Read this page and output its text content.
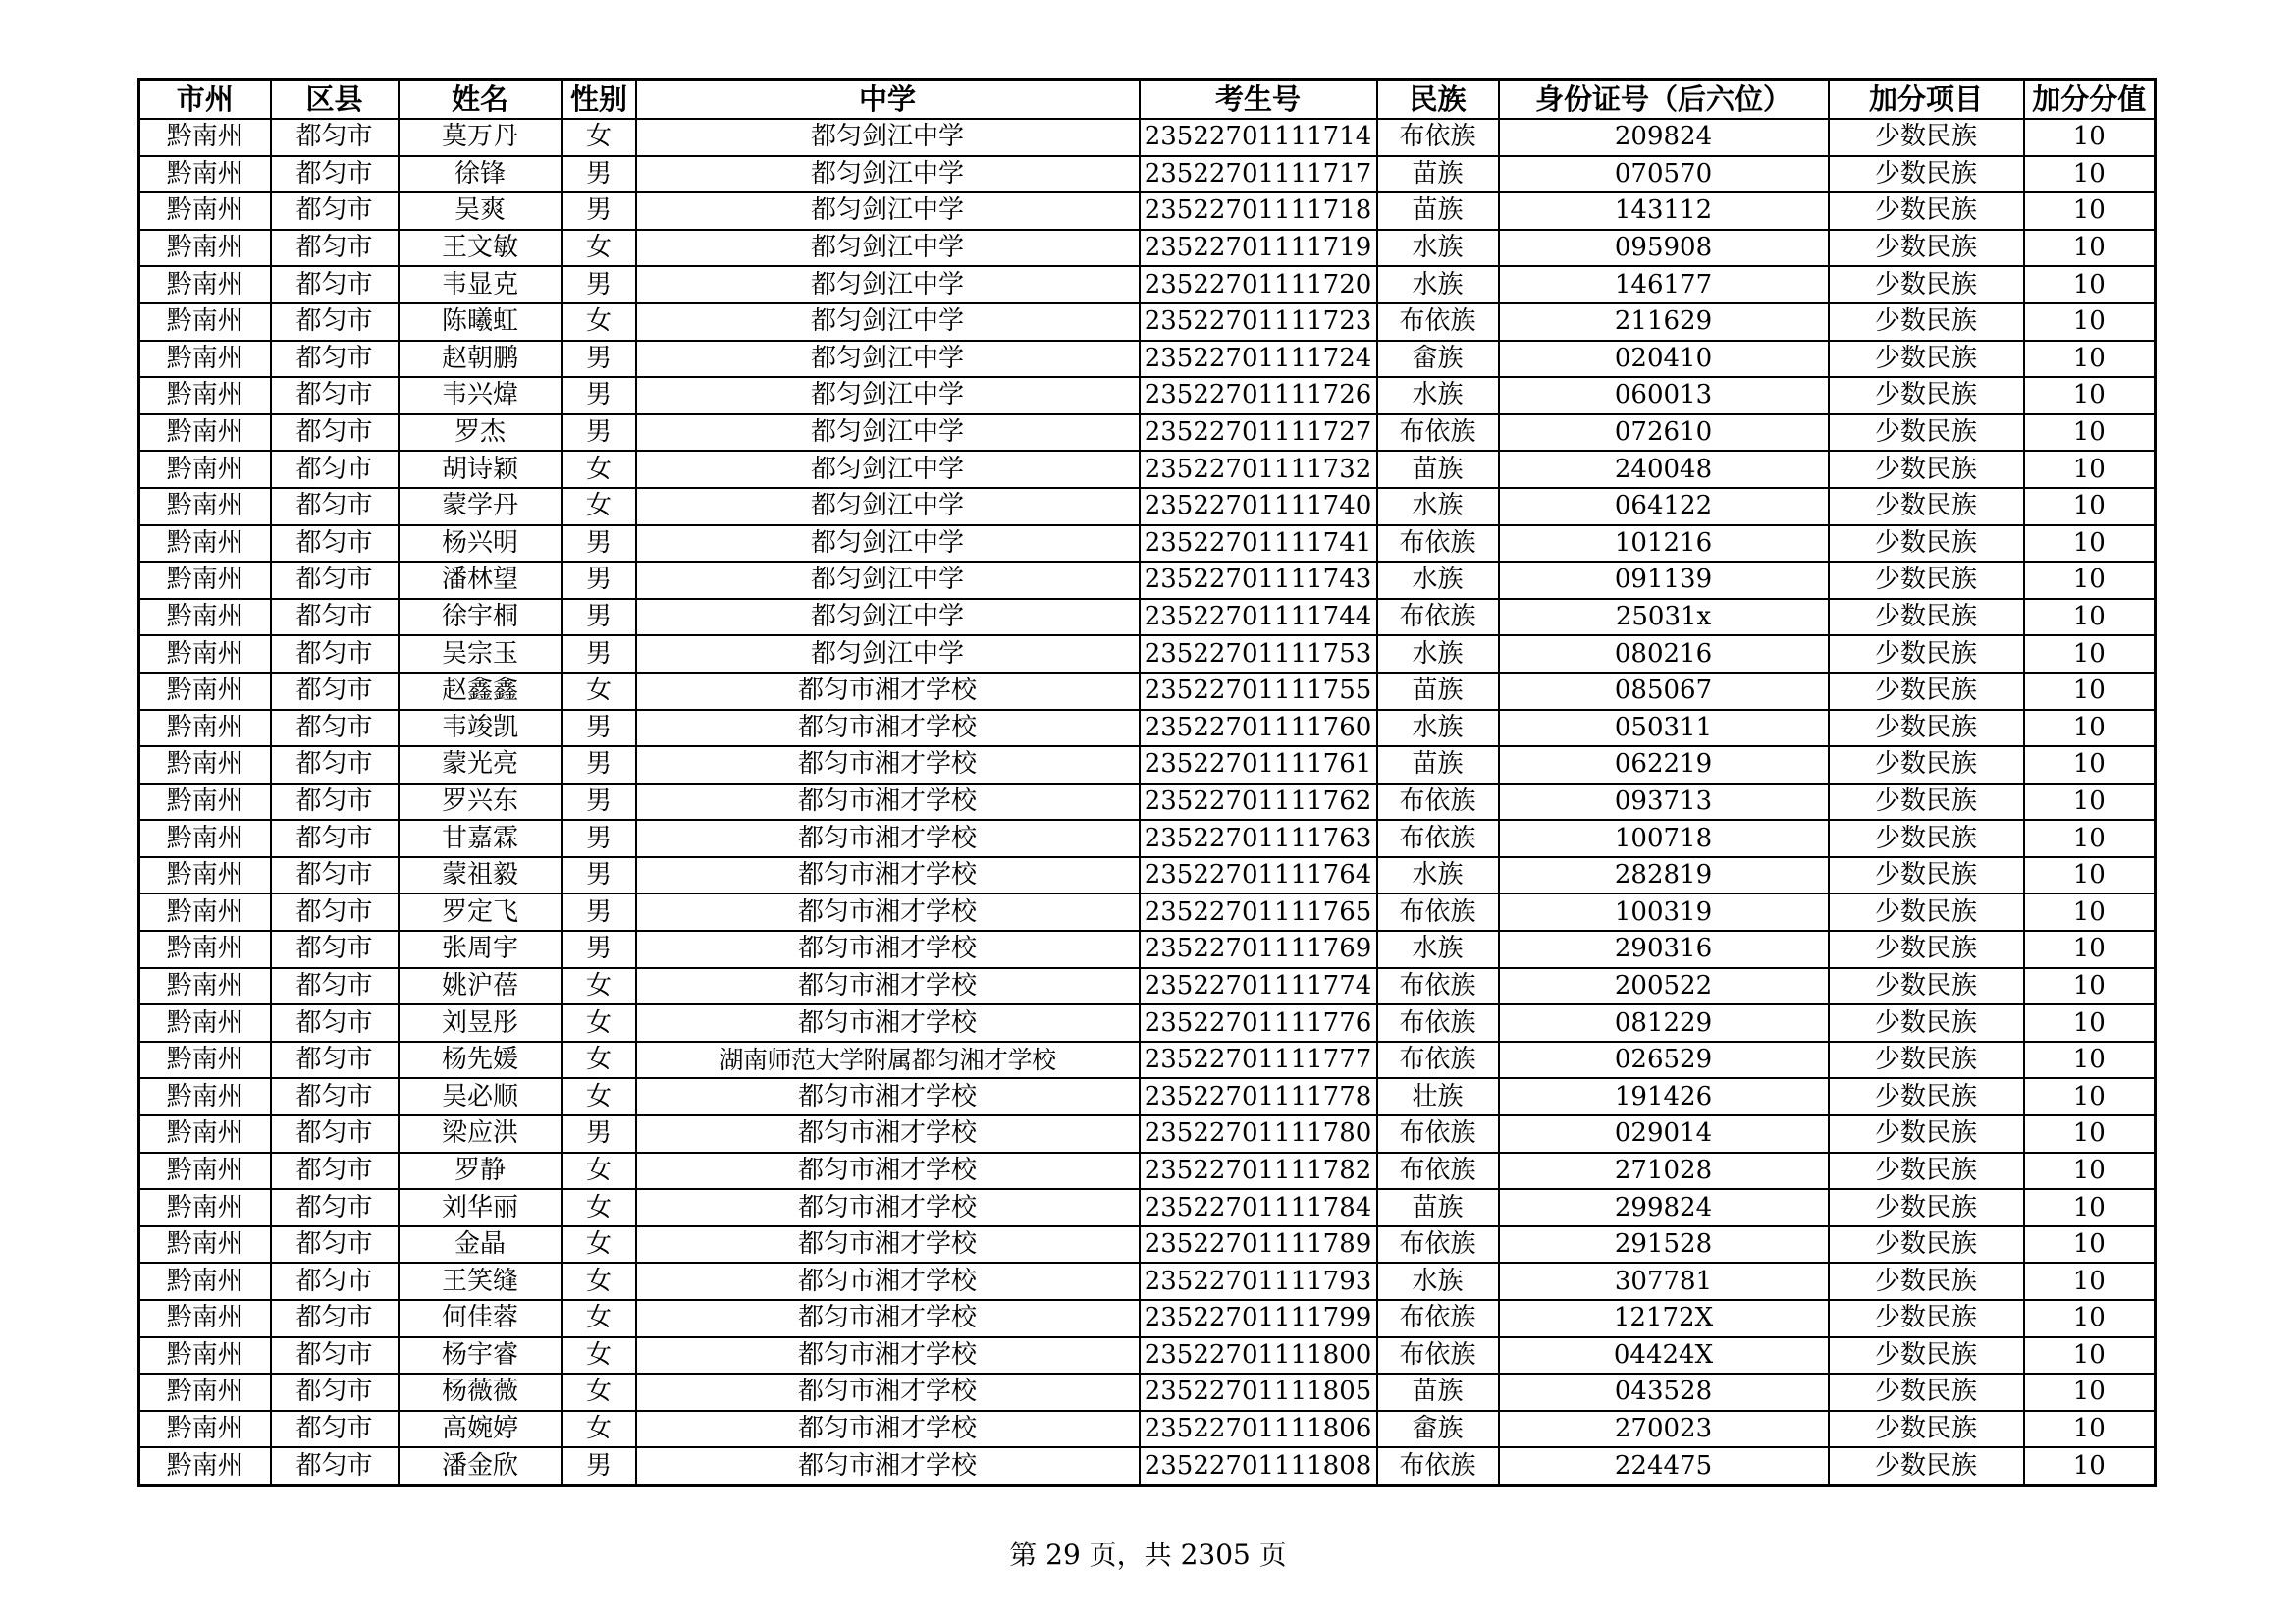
市州	区县	姓名	性别	中学	考生号	民族	身份证号（后六位）	加分项目	加分分值
黔南州	都匀市	莫万丹	女	都匀剑江中学	23522701111714	布依族	209824	少数民族	10
黔南州	都匀市	徐锋	男	都匀剑江中学	23522701111717	苗族	070570	少数民族	10
黔南州	都匀市	吴爽	男	都匀剑江中学	23522701111718	苗族	143112	少数民族	10
黔南州	都匀市	王文敏	女	都匀剑江中学	23522701111719	水族	095908	少数民族	10
黔南州	都匀市	韦显克	男	都匀剑江中学	23522701111720	水族	146177	少数民族	10
黔南州	都匀市	陈曦虹	女	都匀剑江中学	23522701111723	布依族	211629	少数民族	10
黔南州	都匀市	赵朝鹏	男	都匀剑江中学	23522701111724	畲族	020410	少数民族	10
黔南州	都匀市	韦兴煒	男	都匀剑江中学	23522701111726	水族	060013	少数民族	10
黔南州	都匀市	罗杰	男	都匀剑江中学	23522701111727	布依族	072610	少数民族	10
黔南州	都匀市	胡诗颖	女	都匀剑江中学	23522701111732	苗族	240048	少数民族	10
黔南州	都匀市	蒙学丹	女	都匀剑江中学	23522701111740	水族	064122	少数民族	10
黔南州	都匀市	杨兴明	男	都匀剑江中学	23522701111741	布依族	101216	少数民族	10
黔南州	都匀市	潘林望	男	都匀剑江中学	23522701111743	水族	091139	少数民族	10
黔南州	都匀市	徐宇桐	男	都匀剑江中学	23522701111744	布依族	25031x	少数民族	10
黔南州	都匀市	吴宗玉	男	都匀剑江中学	23522701111753	水族	080216	少数民族	10
黔南州	都匀市	赵鑫鑫	女	都匀市湘才学校	23522701111755	苗族	085067	少数民族	10
黔南州	都匀市	韦竣凯	男	都匀市湘才学校	23522701111760	水族	050311	少数民族	10
黔南州	都匀市	蒙光亮	男	都匀市湘才学校	23522701111761	苗族	062219	少数民族	10
黔南州	都匀市	罗兴东	男	都匀市湘才学校	23522701111762	布依族	093713	少数民族	10
黔南州	都匀市	甘嘉霖	男	都匀市湘才学校	23522701111763	布依族	100718	少数民族	10
黔南州	都匀市	蒙祖毅	男	都匀市湘才学校	23522701111764	水族	282819	少数民族	10
黔南州	都匀市	罗定飞	男	都匀市湘才学校	23522701111765	布依族	100319	少数民族	10
黔南州	都匀市	张周宇	男	都匀市湘才学校	23522701111769	水族	290316	少数民族	10
黔南州	都匀市	姚沪蓓	女	都匀市湘才学校	23522701111774	布依族	200522	少数民族	10
黔南州	都匀市	刘昱彤	女	都匀市湘才学校	23522701111776	布依族	081229	少数民族	10
黔南州	都匀市	杨先媛	女	湖南师范大学附属都匀湘才学校	23522701111777	布依族	026529	少数民族	10
黔南州	都匀市	吴必顺	女	都匀市湘才学校	23522701111778	壮族	191426	少数民族	10
黔南州	都匀市	梁应洪	男	都匀市湘才学校	23522701111780	布依族	029014	少数民族	10
黔南州	都匀市	罗静	女	都匀市湘才学校	23522701111782	布依族	271028	少数民族	10
黔南州	都匀市	刘华丽	女	都匀市湘才学校	23522701111784	苗族	299824	少数民族	10
黔南州	都匀市	金晶	女	都匀市湘才学校	23522701111789	布依族	291528	少数民族	10
黔南州	都匀市	王笑缝	女	都匀市湘才学校	23522701111793	水族	307781	少数民族	10
黔南州	都匀市	何佳蓉	女	都匀市湘才学校	23522701111799	布依族	12172X	少数民族	10
黔南州	都匀市	杨宇睿	女	都匀市湘才学校	23522701111800	布依族	04424X	少数民族	10
黔南州	都匀市	杨薇薇	女	都匀市湘才学校	23522701111805	苗族	043528	少数民族	10
黔南州	都匀市	高婉婷	女	都匀市湘才学校	23522701111806	畲族	270023	少数民族	10
黔南州	都匀市	潘金欣	男	都匀市湘才学校	23522701111808	布依族	224475	少数民族	10
第 29 页，共 2305 页
